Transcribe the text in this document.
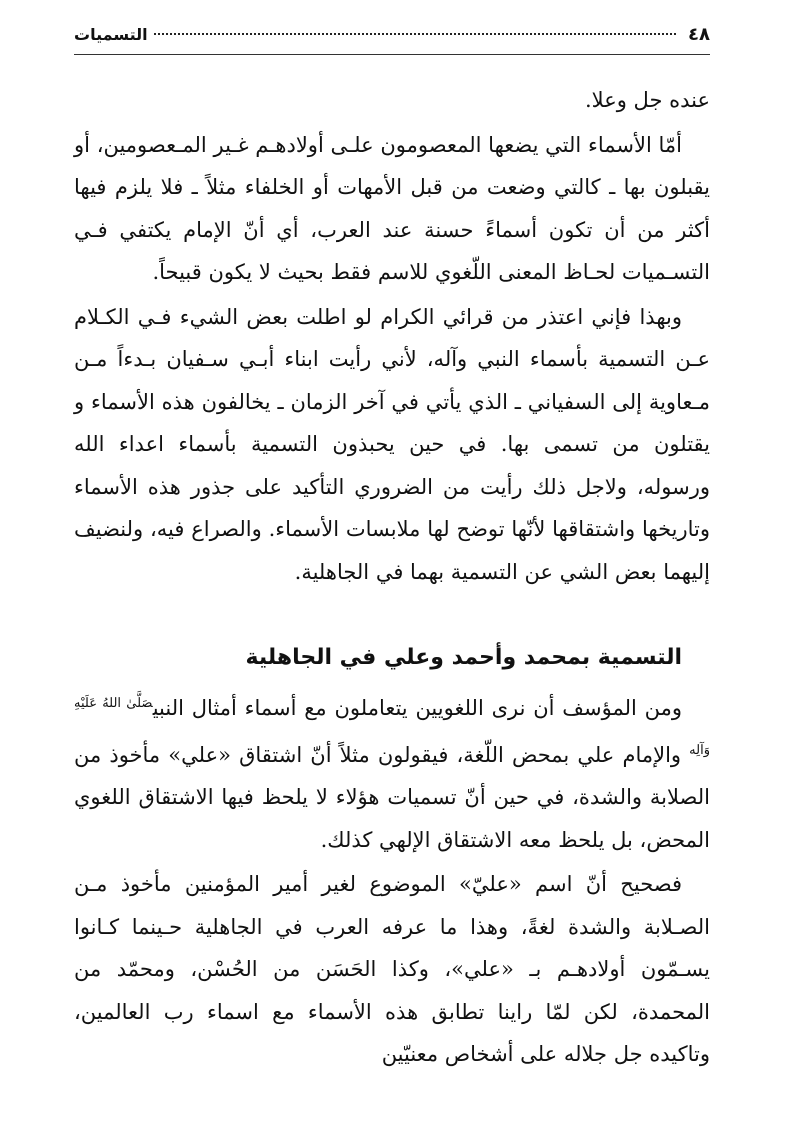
٤٨
التسميات

عنده جل وعلا.

أمّا الأسماء التي يضعها المعصومون علـى أولادهـم غـير المـعصومين، أو يقبلون بها ـ كالتي وضعت من قبل الأمهات أو الخلفاء مثلاً ـ فلا يلزم فيها أكثر من أن تكون أسماءً حسنة عند العرب، أي أنّ الإمام يكتفي فـي التسـميات لحـاظ المعنى اللّغوي للاسم فقط بحيث لا يكون قبيحاً.

وبهذا فإني اعتذر من قرائي الكرام لو اطلت بعض الشيء فـي الكـلام عـن التسمية بأسماء النبي وآله، لأني رأيت ابناء أبـي سـفيان بـدءاً مـن مـعاوية إلى السفياني ـ الذي يأتي في آخر الزمان ـ يخالفون هذه الأسماء و يقتلون من تسمى بها. في حين يحبذون التسمية بأسماء اعداء الله ورسوله، ولاجل ذلك رأيت من الضروري التأكيد على جذور هذه الأسماء وتاريخها واشتقاقها لأنّها توضح لها ملابسات الأسماء. والصراع فيه، ولنضيف إليهما بعض الشي عن التسمية بهما في الجاهلية.

التسمية بمحمد وأحمد وعلي في الجاهلية

ومن المؤسف أن نرى اللغويين يتعاملون مع أسماء أمثال النبي$^{صَلَّىٰ اللهُ عَلَيْهِ وَآلِه}$ والإمام علي بمحض اللّغة، فيقولون مثلاً أنّ اشتقاق «علي» مأخوذ من الصلابة والشدة، في حين أنّ تسميات هؤلاء لا يلحظ فيها الاشتقاق اللغوي المحض، بل يلحظ معه الاشتقاق الإلهي كذلك.

فصحيح أنّ اسم «عليّ» الموضوع لغير أمير المؤمنين مأخوذ مـن الصـلابة والشدة لغةً، وهذا ما عرفه العرب في الجاهلية حـينما كـانوا يسـمّون أولادهـم بـ «علي»، وكذا الحَسَن من الحُسْن، ومحمّد من المحمدة، لكن لمّا راينا تطابق هذه الأسماء مع اسماء رب العالمين، وتاكيده جل جلاله على أشخاص معنيّين
